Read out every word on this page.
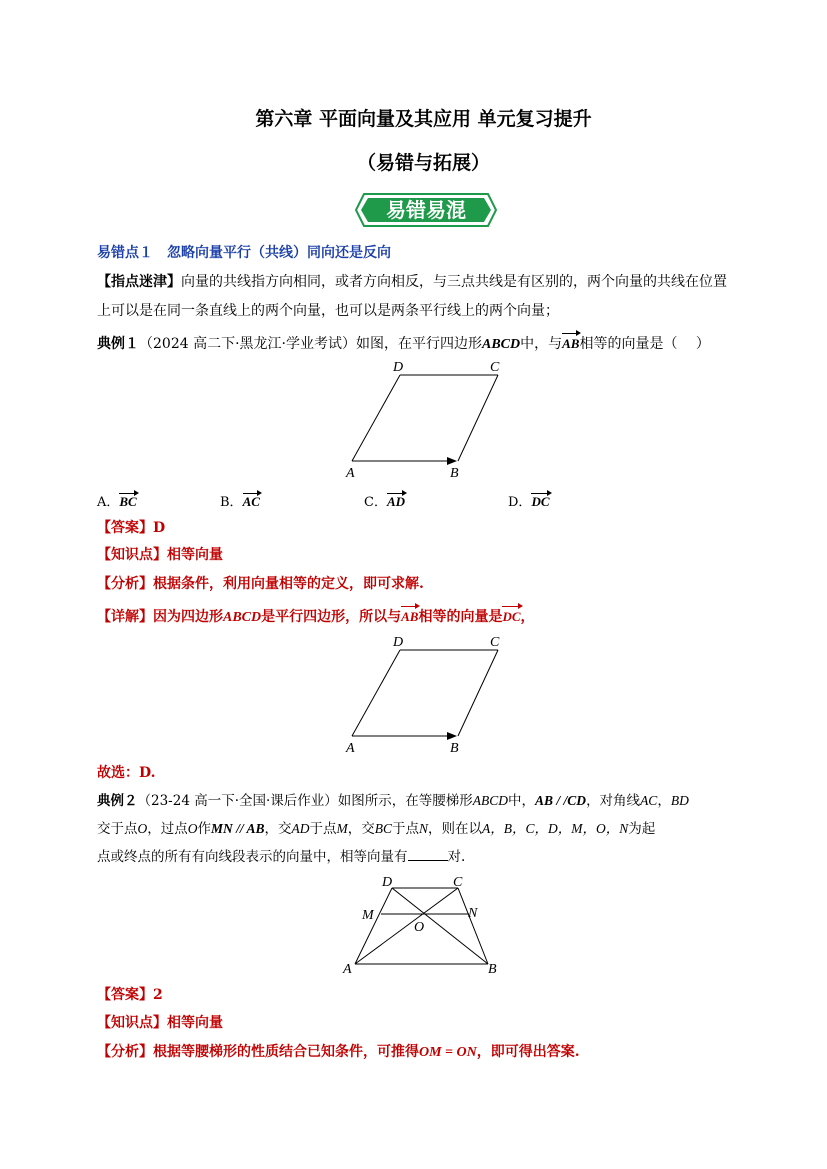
第六章 平面向量及其应用 单元复习提升
（易错与拓展）
易错易混
易错点１　忽略向量平行（共线）同向还是反向
【指点迷津】向量的共线指方向相同，或者方向相反，与三点共线是有区别的，两个向量的共线在位置
上可以是在同一条直线上的两个向量，也可以是两条平行线上的两个向量；
典例１（2024 高二下·黑龙江·学业考试）如图，在平行四边形ABCD中，与AB相等的向量是（　 ）
D	C
A	B
A．BC	B．AC	C．AD	D．DC
【答案】D
【知识点】相等向量
【分析】根据条件，利用向量相等的定义，即可求解.
【详解】因为四边形ABCD是平行四边形，所以与AB相等的向量是DC，
D	C
A	B
故选：D.
典例２（23-24 高一下·全国·课后作业）如图所示，在等腰梯形ABCD中，AB / /CD，对角线AC，BD
交于点O，过点O作MN // AB，交AD于点M，交BC于点N，则在以A，B，C，D，M，O，N为起
点或终点的所有有向线段表示的向量中，相等向量有	对.
D	C
M	N
O
A	B
【答案】2
【知识点】相等向量
【分析】根据等腰梯形的性质结合已知条件，可推得OM = ON，即可得出答案.
